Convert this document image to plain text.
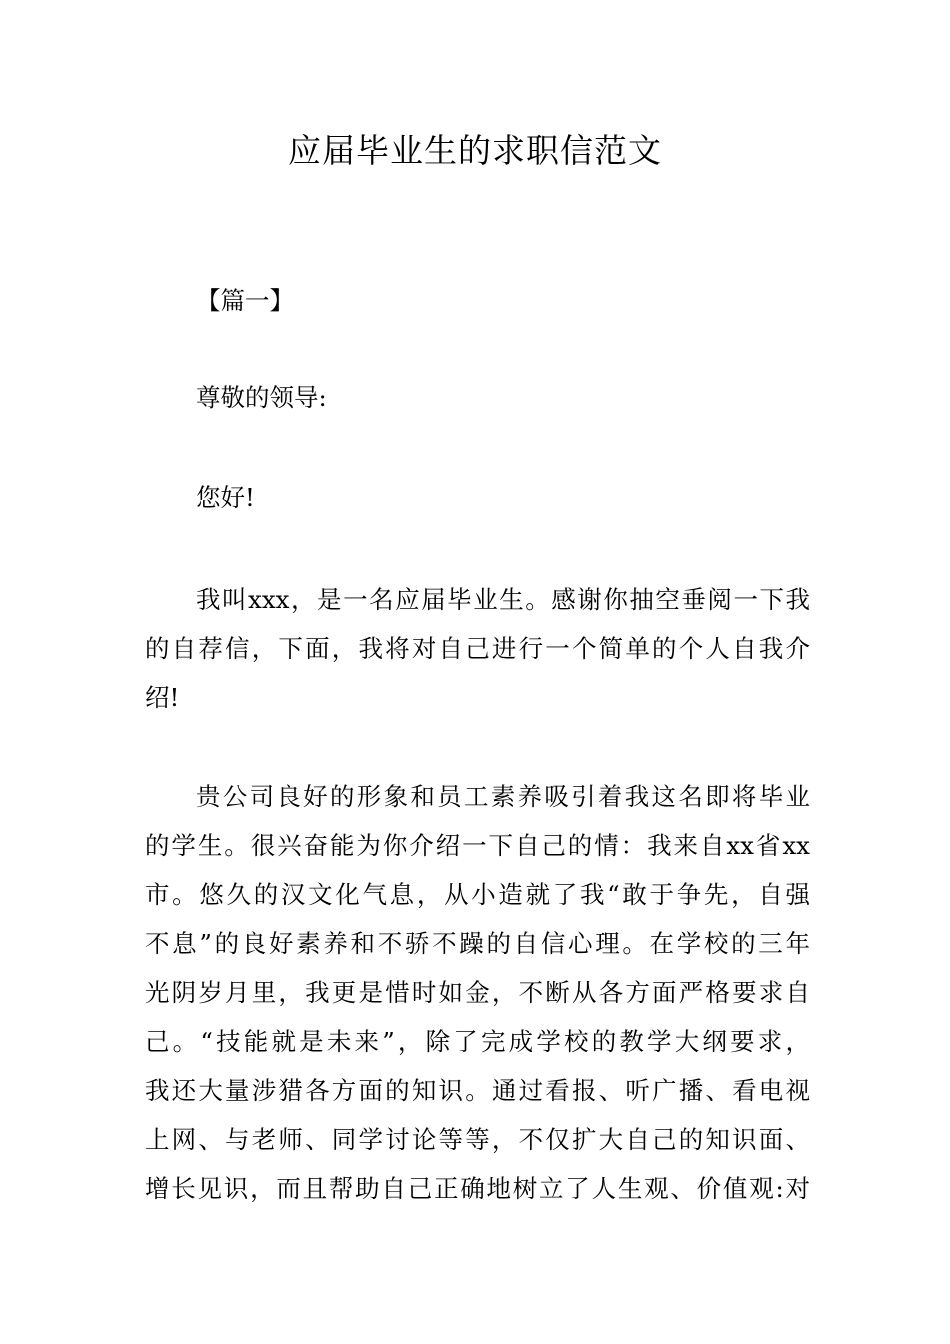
应届毕业生的求职信范文
【篇一】
尊敬的领导:
您好!
我叫xxx，是一名应届毕业生。感谢你抽空垂阅一下我
的自荐信，下面，我将对自己进行一个简单的个人自我介
绍!
贵公司良好的形象和员工素养吸引着我这名即将毕业
的学生。很兴奋能为你介绍一下自己的情：我来自xx省xx
市。悠久的汉文化气息，从小造就了我“敢于争先，自强
不息”的良好素养和不骄不躁的自信心理。在学校的三年
光阴岁月里，我更是惜时如金，不断从各方面严格要求自
己。“技能就是未来”，除了完成学校的教学大纲要求，
我还大量涉猎各方面的知识。通过看报、听广播、看电视
上网、与老师、同学讨论等等，不仅扩大自己的知识面、
增长见识，而且帮助自己正确地树立了人生观、价值观:对
